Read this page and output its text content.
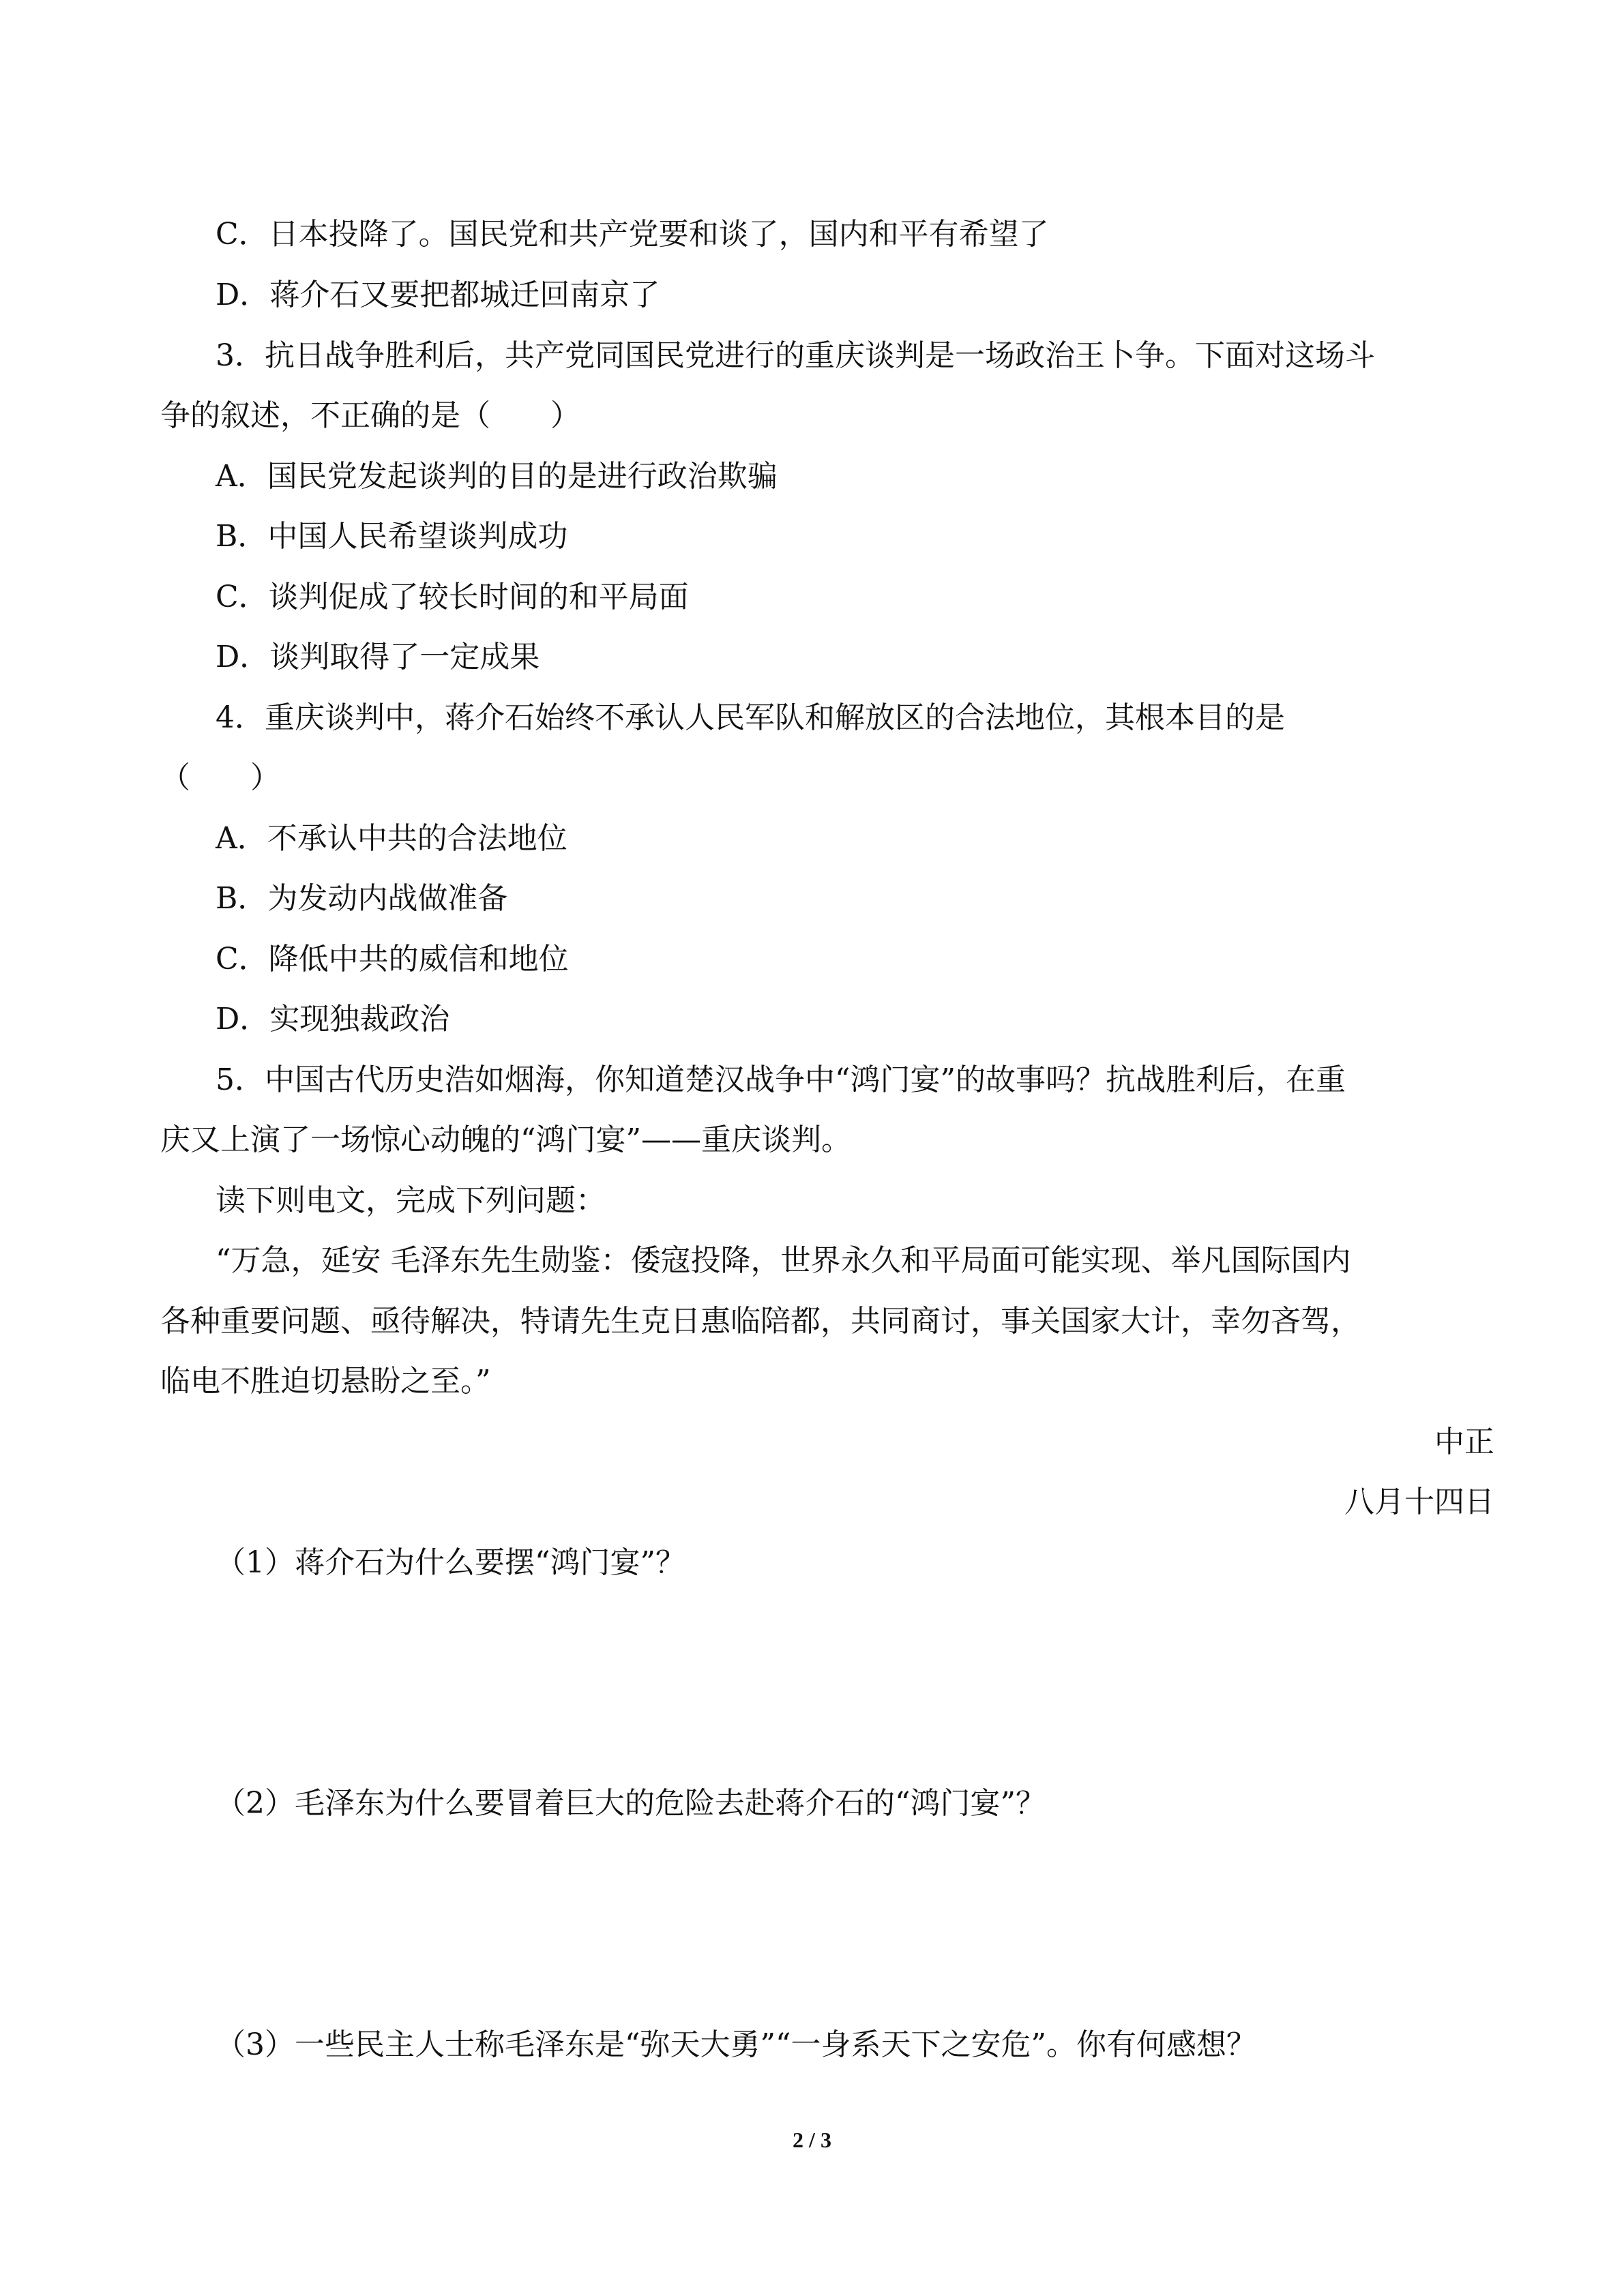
C．日本投降了。国民党和共产党要和谈了，国内和平有希望了
D．蒋介石又要把都城迁回南京了
3．抗日战争胜利后，共产党同国民党进行的重庆谈判是一场政治王卜争。下面对这场斗
争的叙述，不正确的是（　　）
A．国民党发起谈判的目的是进行政治欺骗
B．中国人民希望谈判成功
C．谈判促成了较长时间的和平局面
D．谈判取得了一定成果
4．重庆谈判中，蒋介石始终不承认人民军队和解放区的合法地位，其根本目的是
（　　）
A．不承认中共的合法地位
B．为发动内战做准备
C．降低中共的威信和地位
D．实现独裁政治
5．中国古代历史浩如烟海，你知道楚汉战争中“鸿门宴”的故事吗？抗战胜利后，在重
庆又上演了一场惊心动魄的“鸿门宴”——重庆谈判。
读下则电文，完成下列问题：
“万急，延安 毛泽东先生勋鉴：倭寇投降，世界永久和平局面可能实现、举凡国际国内
各种重要问题、亟待解决，特请先生克日惠临陪都，共同商讨，事关国家大计，幸勿吝驾，
临电不胜迫切悬盼之至。”
中正
八月十四日
（1）蒋介石为什么要摆“鸿门宴”？
（2）毛泽东为什么要冒着巨大的危险去赴蒋介石的“鸿门宴”？
（3）一些民主人士称毛泽东是“弥天大勇”“一身系天下之安危”。你有何感想？
2 / 3
